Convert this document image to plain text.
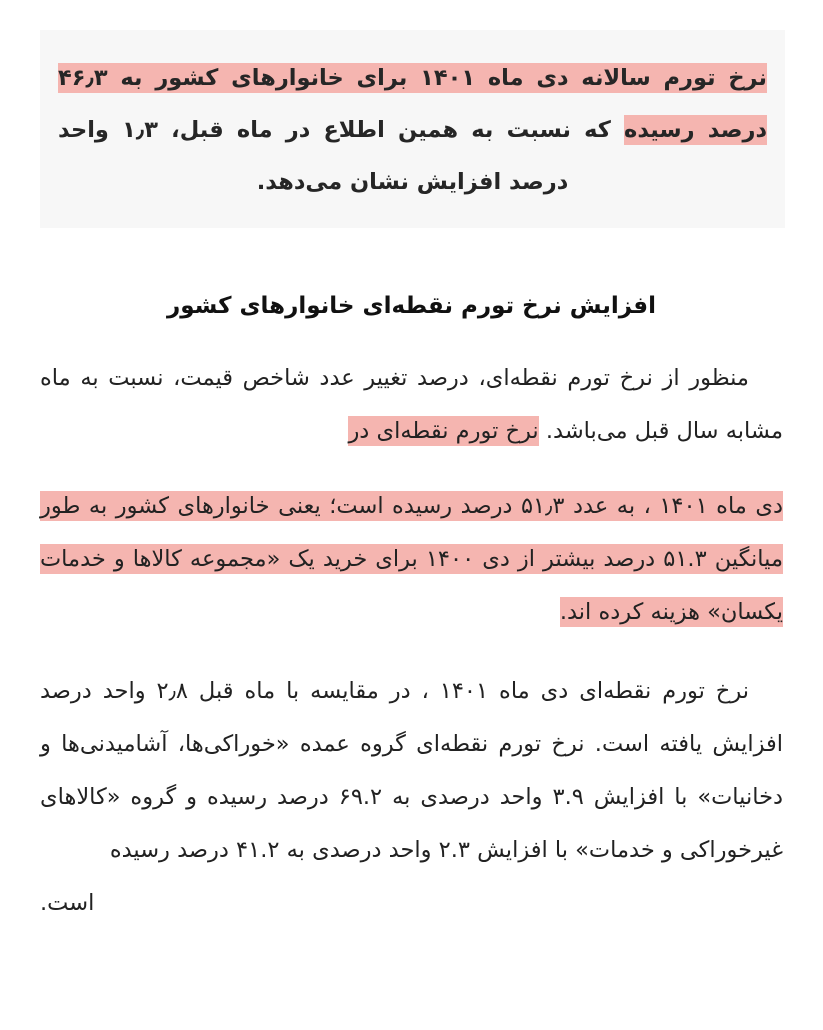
نرخ تورم سالانه دی ماه ۱۴۰۱ برای خانوارهای کشور به ۴۶٫۳ درصد رسیده که نسبت به همین اطلاع در ماه قبل، ۱٫۳ واحد درصد افزایش نشان می‌دهد.

افزایش نرخ تورم نقطه‌ای خانوارهای کشور

منظور از نرخ تورم نقطه‌ای، درصد تغییر عدد شاخص قیمت، نسبت به ماه مشابه سال قبل می‌باشد. نرخ تورم نقطه‌ای در

دی ماه ۱۴۰۱ ، به عدد ۵۱٫۳ درصد رسیده است؛ یعنی خانوارهای کشور به طور میانگین ۵۱.۳ درصد بیشتر از دی ۱۴۰۰ برای خرید یک «مجموعه کالاها و خدمات یکسان» هزینه کرده اند.

نرخ تورم نقطه‌ای دی ماه ۱۴۰۱ ، در مقایسه با ماه قبل ۲٫۸ واحد درصد افزایش یافته است. نرخ تورم نقطه‌ای گروه عمده «خوراکی‌ها، آشامیدنی‌ها و دخانیات» با افزایش ۳.۹ واحد درصدی به ۶۹.۲ درصد رسیده و گروه «کالاهای غیرخوراکی و خدمات» با افزایش ۲.۳ واحد درصدی به ۴۱.۲ درصد رسیده
است.
